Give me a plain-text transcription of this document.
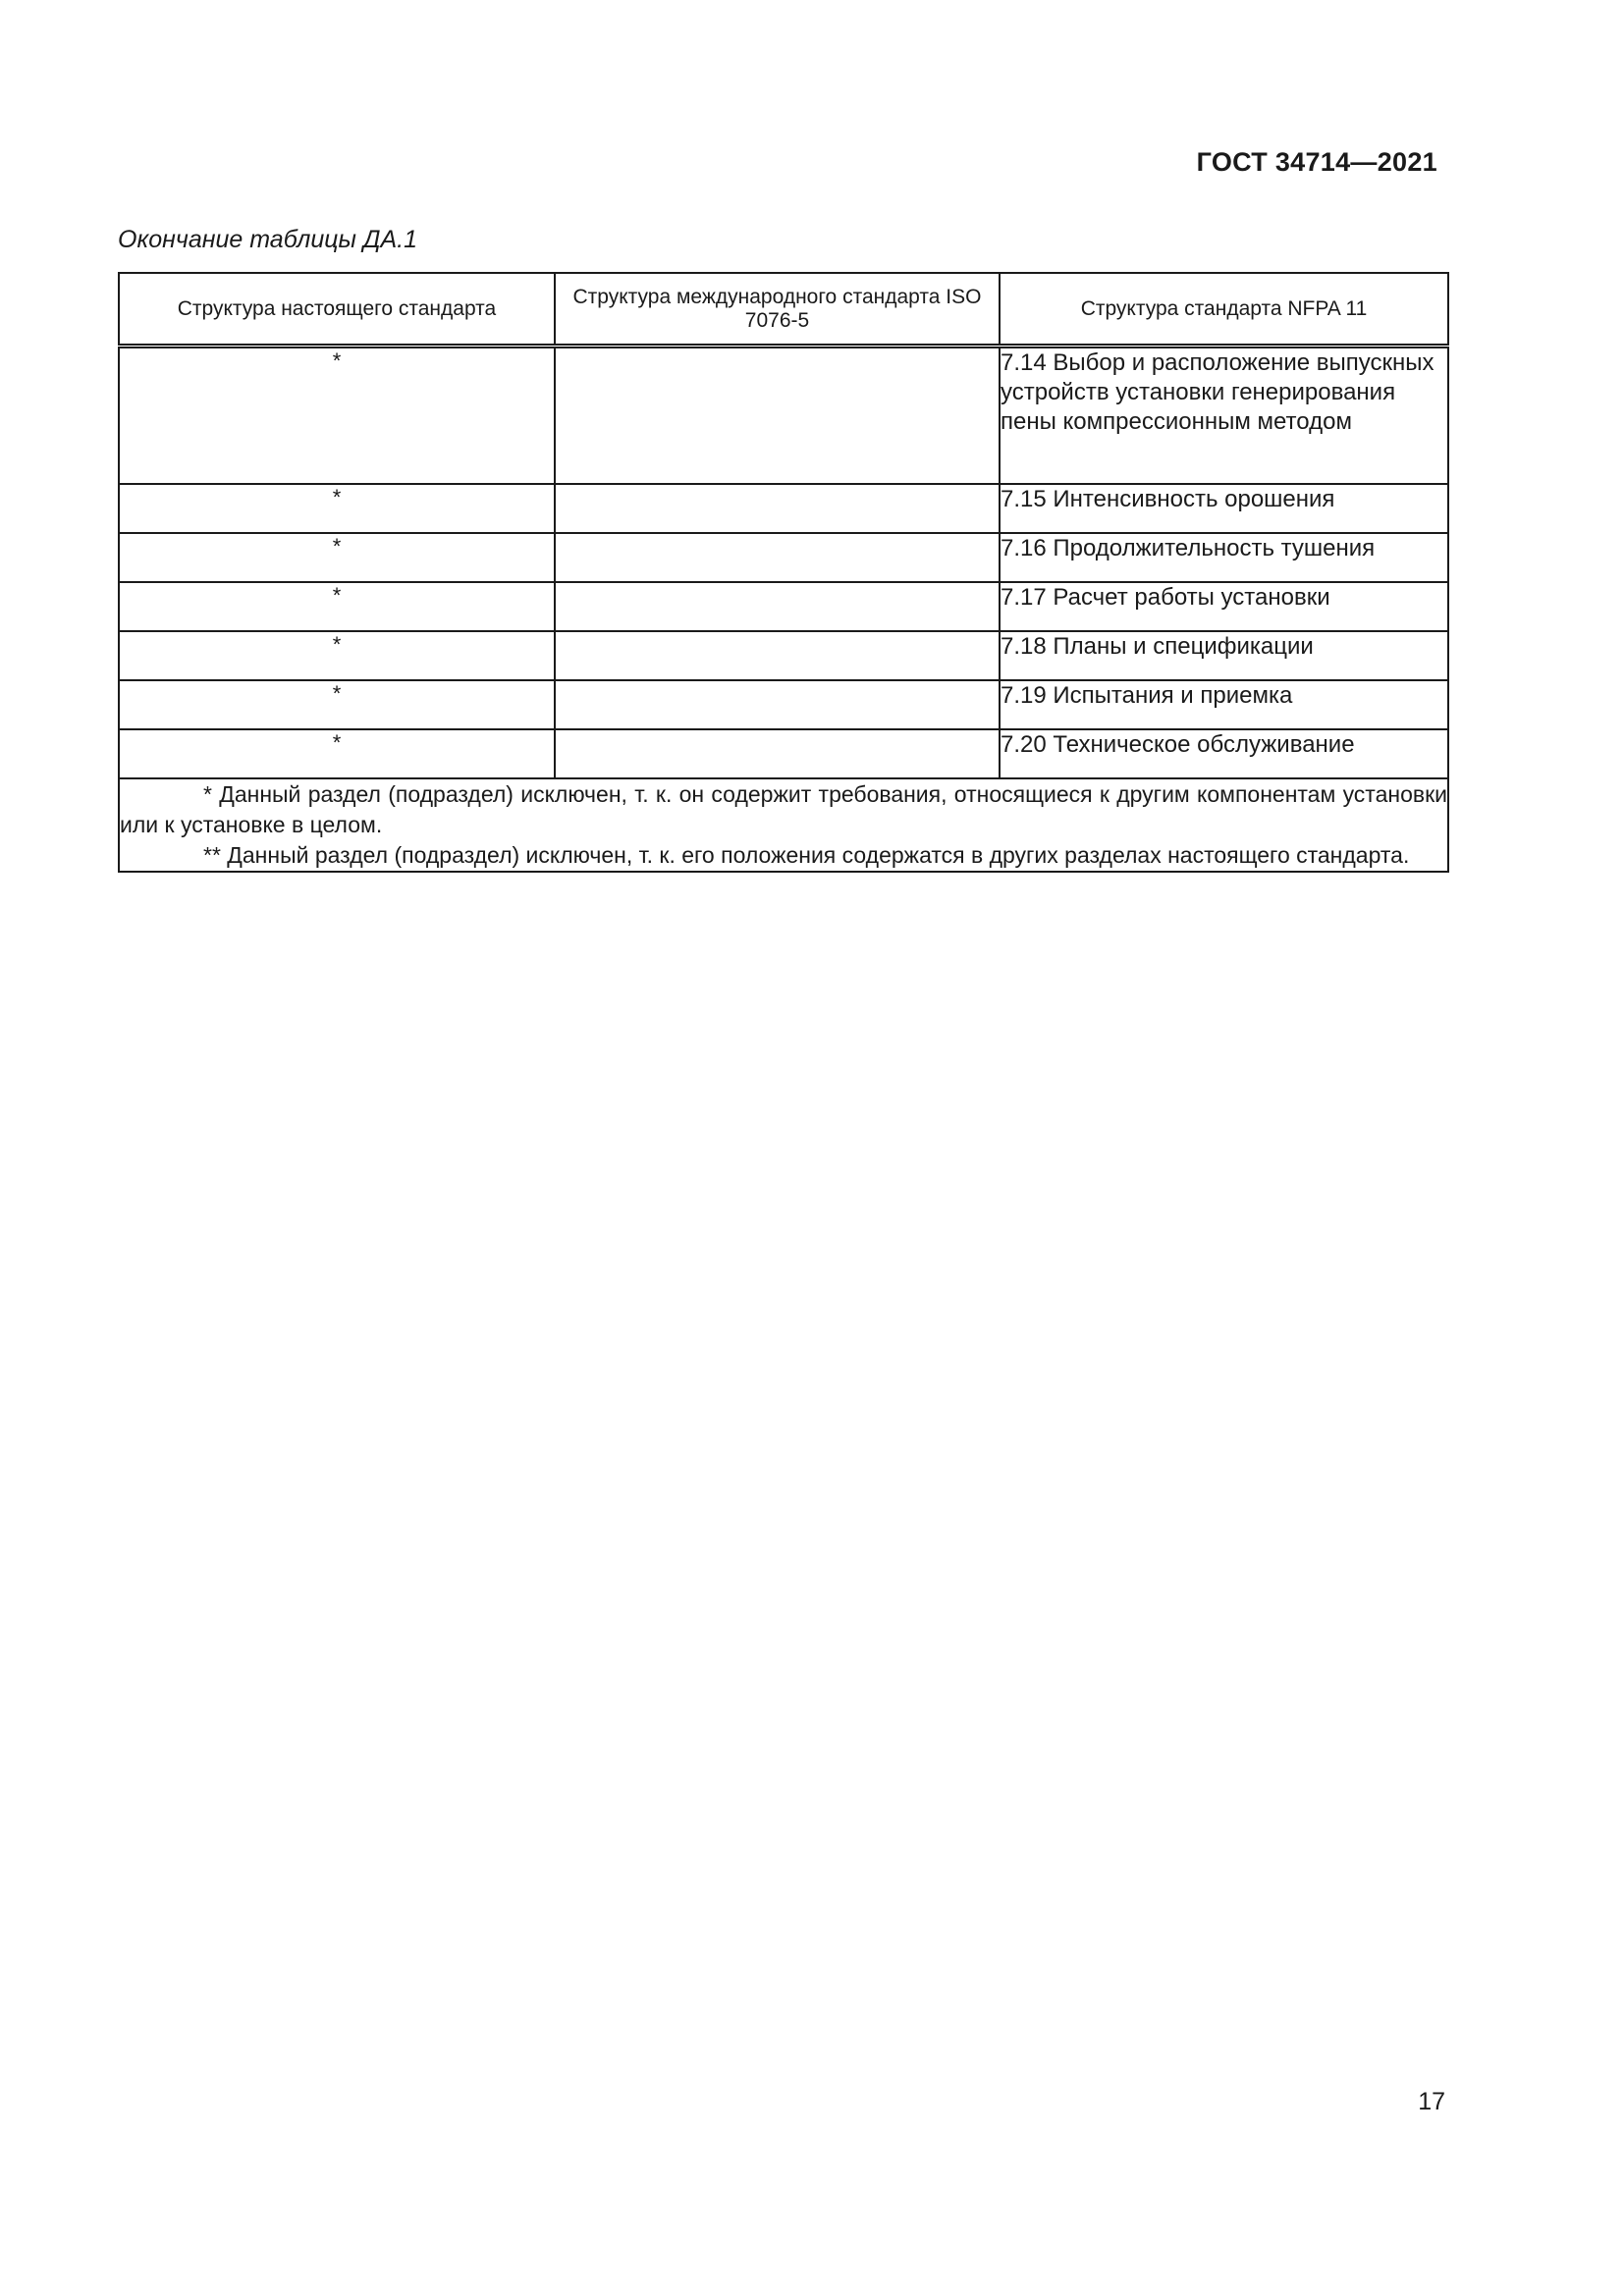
ГОСТ 34714—2021
Окончание таблицы ДА.1
Структура настоящего стандарта	Структура международного стандарта ISO 7076-5	Структура стандарта NFPA 11
*		7.14 Выбор и расположение выпускных устройств установки генерирования пены компрессионным методом
*		7.15 Интенсивность орошения
*		7.16 Продолжительность тушения
*		7.17 Расчет работы установки
*		7.18 Планы и спецификации
*		7.19 Испытания и приемка
*		7.20 Техническое обслуживание

* Данный раздел (подраздел) исключен, т. к. он содержит требования, относящиеся к другим компонентам установки или к установке в целом.

** Данный раздел (подраздел) исключен, т. к. его положения содержатся в других разделах настоящего стандарта.		

17
